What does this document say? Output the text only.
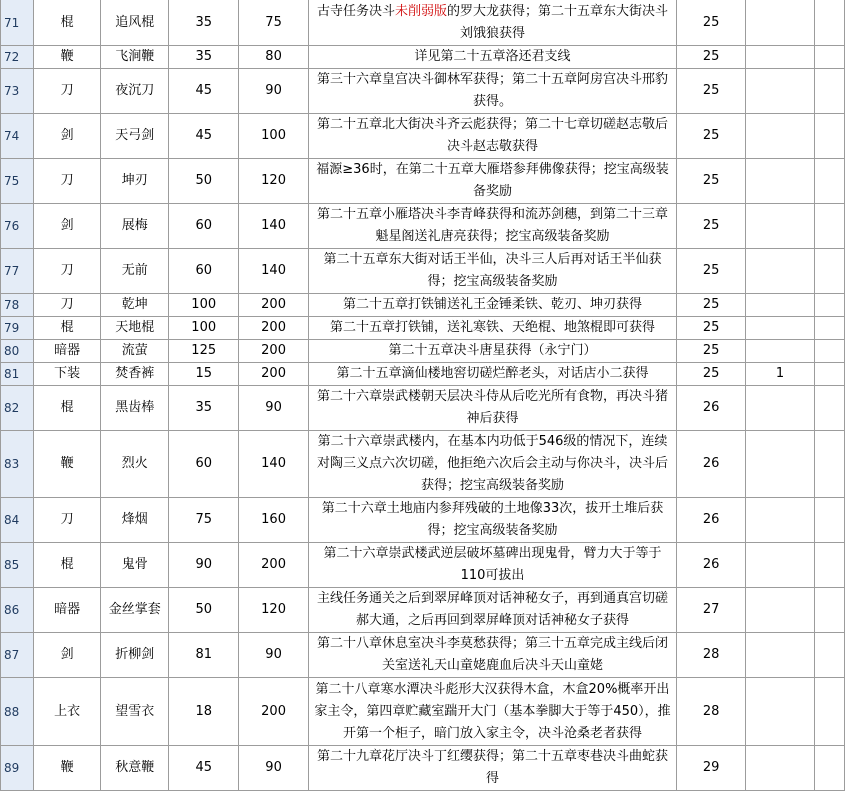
71	棍	追风棍	35	75	古寺任务决斗未削弱版的罗大龙获得；第二十五章东大街决斗刘饿狼获得	25		
72	鞭	飞涧鞭	35	80	详见第二十五章洛还君支线	25		
73	刀	夜沉刀	45	90	第三十六章皇宫决斗御林军获得；第二十五章阿房宫决斗邢豹获得。	25		
74	剑	天弓剑	45	100	第二十五章北大街决斗齐云彪获得；第二十七章切磋赵志敬后决斗赵志敬获得	25		
75	刀	坤刃	50	120	福源≥36时，在第二十五章大雁塔参拜佛像获得；挖宝高级装备奖励	25		
76	剑	展梅	60	140	第二十五章小雁塔决斗李青峰获得和流苏剑穗，到第二十三章魁星阁送礼唐亮获得；挖宝高级装备奖励	25		
77	刀	无前	60	140	第二十五章东大街对话王半仙，决斗三人后再对话王半仙获得；挖宝高级装备奖励	25		
78	刀	乾坤	100	200	第二十五章打铁铺送礼王金锤柔铁、乾刃、坤刃获得	25		
79	棍	天地棍	100	200	第二十五章打铁铺，送礼寒铁、天绝棍、地煞棍即可获得	25		
80	暗器	流萤	125	200	第二十五章决斗唐星获得（永宁门）	25		
81	下装	焚香裤	15	200	第二十五章滴仙楼地窖切磋烂醉老头，对话店小二获得	25	1	
82	棍	黑齿棒	35	90	第二十六章崇武楼朝天层决斗侍从后吃光所有食物，再决斗猪神后获得	26		
83	鞭	烈火	60	140	第二十六章崇武楼内，在基本内功低于546级的情况下，连续对陶三义点六次切磋，他拒绝六次后会主动与你决斗，决斗后获得；挖宝高级装备奖励	26		
84	刀	烽烟	75	160	第二十六章土地庙内参拜残破的土地像33次，拔开土堆后获得；挖宝高级装备奖励	26		
85	棍	鬼骨	90	200	第二十六章崇武楼武逆层破坏墓碑出现鬼骨，臂力大于等于110可拔出	26		
86	暗器	金丝掌套	50	120	主线任务通关之后到翠屏峰顶对话神秘女子，再到通真宫切磋郝大通，之后再回到翠屏峰顶对话神秘女子获得	27		
87	剑	折柳剑	81	90	第二十八章休息室决斗李莫愁获得；第三十五章完成主线后闭关室送礼天山童姥鹿血后决斗天山童姥	28		
88	上衣	望雪衣	18	200	第二十八章寒水潭决斗彪形大汉获得木盒，木盒20%概率开出家主令，第四章贮藏室踹开大门（基本拳脚大于等于450），推开第一个柜子，暗门放入家主令，决斗沧桑老者获得	28		
89	鞭	秋意鞭	45	90	第二十九章花厅决斗丁红缨获得；第二十五章枣巷决斗曲蛇获得	29		
